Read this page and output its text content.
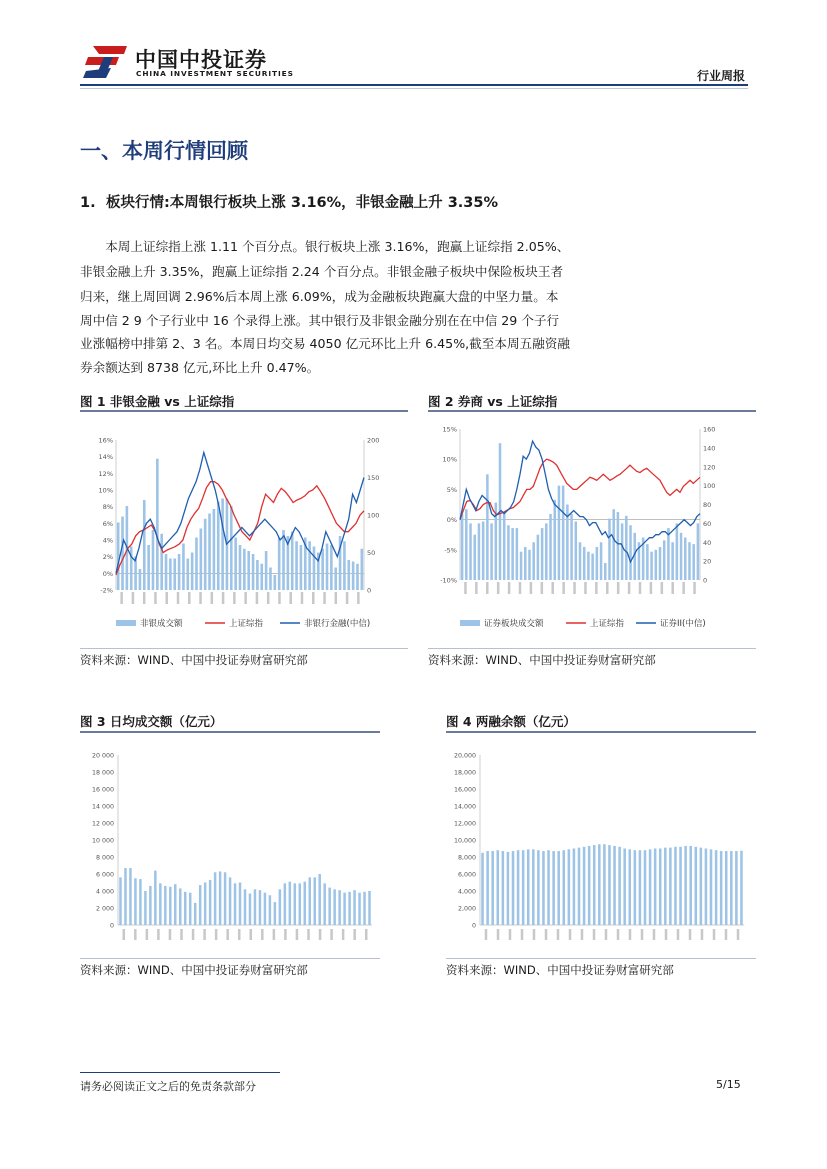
中国中投证券
CHINA INVESTMENT SECURITIES	行业周报
一、本周行情回顾
1. 板块行情:本周银行板块上涨 3.16%，非银金融上升 3.35%
　　本周上证综指上涨 1.11 个百分点。银行板块上涨 3.16%，跑赢上证综指 2.05%、
非银金融上升 3.35%，跑赢上证综指 2.24 个百分点。非银金融子板块中保险板块王者
归来，继上周回调 2.96%后本周上涨 6.09%，成为金融板块跑赢大盘的中坚力量。本
周中信 2 9 个子行业中 16 个录得上涨。其中银行及非银金融分别在在中信 29 个子行
业涨幅榜中排第 2、3 名。本周日均交易 4050 亿元环比上升 6.45%,截至本周五融资融
券余额达到 8738 亿元,环比上升 0.47%。
图 1 非银金融 vs 上证综指
16%
14%
12%
10%
8%
6%
4%
2%
0%
-2%
200
150
100
50
0
非银成交额	上证综指	非银行金融(中信)
资料来源：WIND、中国中投证券财富研究部
图 2 券商 vs 上证综指
15%
10%
5%
0%
-5%
-10%
160
140
120
100
80
60
40
20
0
证券板块成交额	上证综指	证券II(中信)
资料来源：WIND、中国中投证券财富研究部
图 3 日均成交额（亿元）
20 000
18 000
16 000
14 000
12 000
10 000
8 000
6 000
4 000
2 000
0
资料来源：WIND、中国中投证券财富研究部
图 4 两融余额（亿元）
20,000
18,000
16,000
14,000
12,000
10,000
8,000
6,000
4,000
2,000
0
资料来源：WIND、中国中投证券财富研究部
请务必阅读正文之后的免责条款部分	5/15
